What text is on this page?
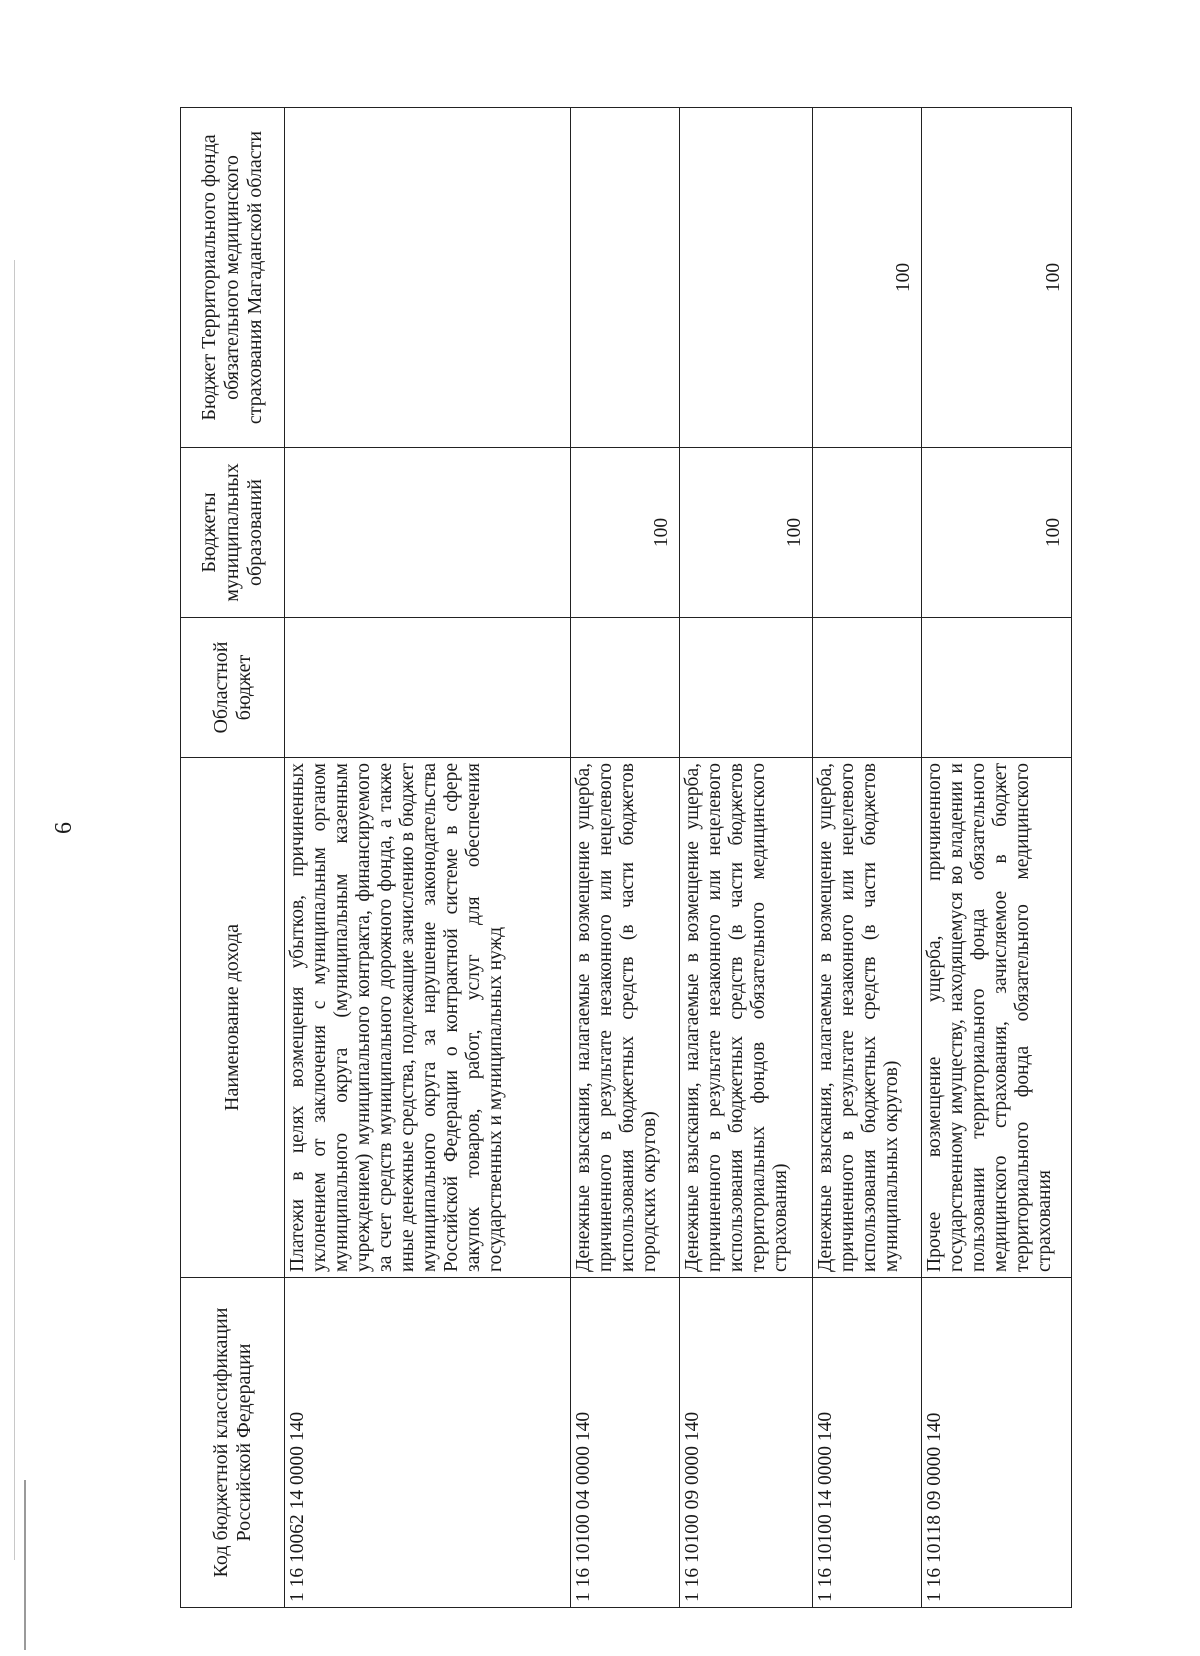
6
Код бюджетной классификации Российской Федерации	Наименование дохода	Областной бюджет	Бюджеты муниципальных образований	Бюджет Территориального фонда обязательного медицинского страхования Магаданской области
1 16 10062 14 0000 140	Платежи в целях возмещения убытков, причиненных уклонением от заключения с муниципальным органом муниципального округа (муниципальным казенным учреждением) муниципального контракта, финансируемого за счет средств муниципального дорожного фонда, а также иные денежные средства, подлежащие зачислению в бюджет муниципального округа за нарушение законодательства Российской Федерации о контрактной системе в сфере закупок товаров, работ, услуг для обеспечения государственных и муниципальных нужд			
1 16 10100 04 0000 140	Денежные взыскания, налагаемые в возмещение ущерба, причиненного в результате незаконного или нецелевого использования бюджетных средств (в части бюджетов городских округов)		100	
1 16 10100 09 0000 140	Денежные взыскания, налагаемые в возмещение ущерба, причиненного в результате незаконного или нецелевого использования бюджетных средств (в части бюджетов территориальных фондов обязательного медицинского страхования)		100	
1 16 10100 14 0000 140	Денежные взыскания, налагаемые в возмещение ущерба, причиненного в результате незаконного или нецелевого использования бюджетных средств (в части бюджетов муниципальных округов)			100
1 16 10118 09 0000 140	Прочее возмещение ущерба, причиненного государственному имуществу, находящемуся во владении и пользовании территориального фонда обязательного медицинского страхования, зачисляемое в бюджет территориального фонда обязательного медицинского страхования		100	100
